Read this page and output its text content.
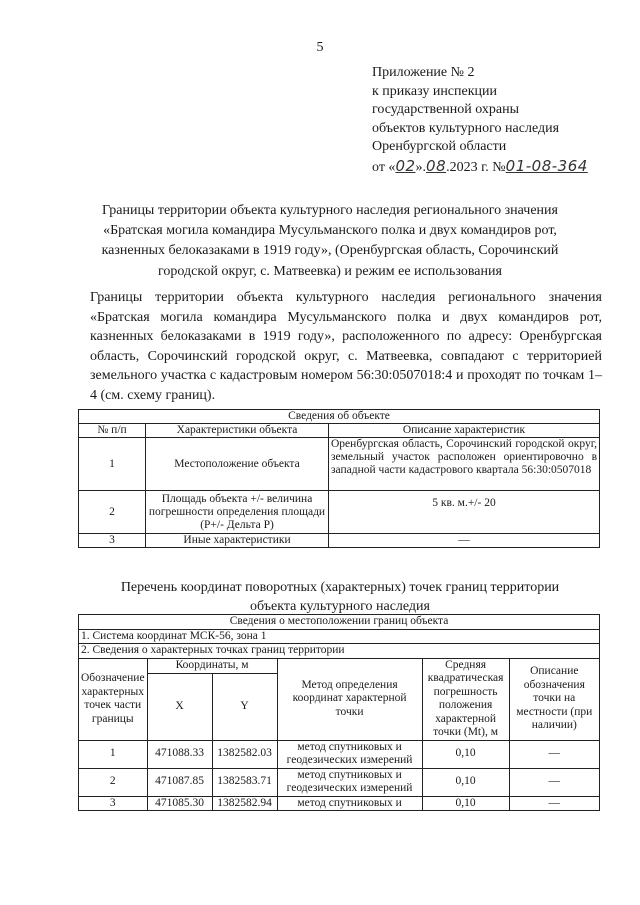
5
Приложение № 2
к приказу инспекции
государственной охраны
объектов культурного наследия
Оренбургской области
от «02».08.2023 г. №01-08-364
Границы территории объекта культурного наследия регионального значения
«Братская могила командира Мусульманского полка и двух командиров рот,
казненных белоказаками в 1919 году», (Оренбургская область, Сорочинский
городской округ, с. Матвеевка) и режим ее использования
Границы территории объекта культурного наследия регионального значения «Братская могила командира Мусульманского полка и двух командиров рот, казненных белоказаками в 1919 году», расположенного по адресу: Оренбургская область, Сорочинский городской округ, с. Матвеевка, совпадают с территорией земельного участка с кадастровым номером 56:30:0507018:4 и проходят по точкам 1–4 (см. схему границ).
Сведения об объекте		
№ п/п	Характеристики объекта	Описание характеристик
1	Местоположение объекта	Оренбургская область, Сорочинский городской округ, земельный участок расположен ориентировочно в западной части кадастрового квартала 56:30:0507018
2	Площадь объекта +/- величина погрешности определения площади (Р+/- Дельта Р)	5 кв. м.+/- 20
3	Иные характеристики	—
Перечень координат поворотных (характерных) точек границ территории
объекта культурного наследия
Сведения о местоположении границ объекта					
1. Система координат МСК-56, зона 1					
2. Сведения о характерных точках границ территории					
Обозначение характерных точек части границы	Координаты, м		Метод определения координат характерной точки	Средняя квадратическая погрешность положения характерной точки (Mt), м	Описание обозначения точки на местности (при наличии)
	X	Y			
1	471088.33	1382582.03	метод спутниковых и геодезических измерений	0,10	—
2	471087.85	1382583.71	метод спутниковых и геодезических измерений	0,10	—
3	471085.30	1382582.94	метод спутниковых и	0,10	—
